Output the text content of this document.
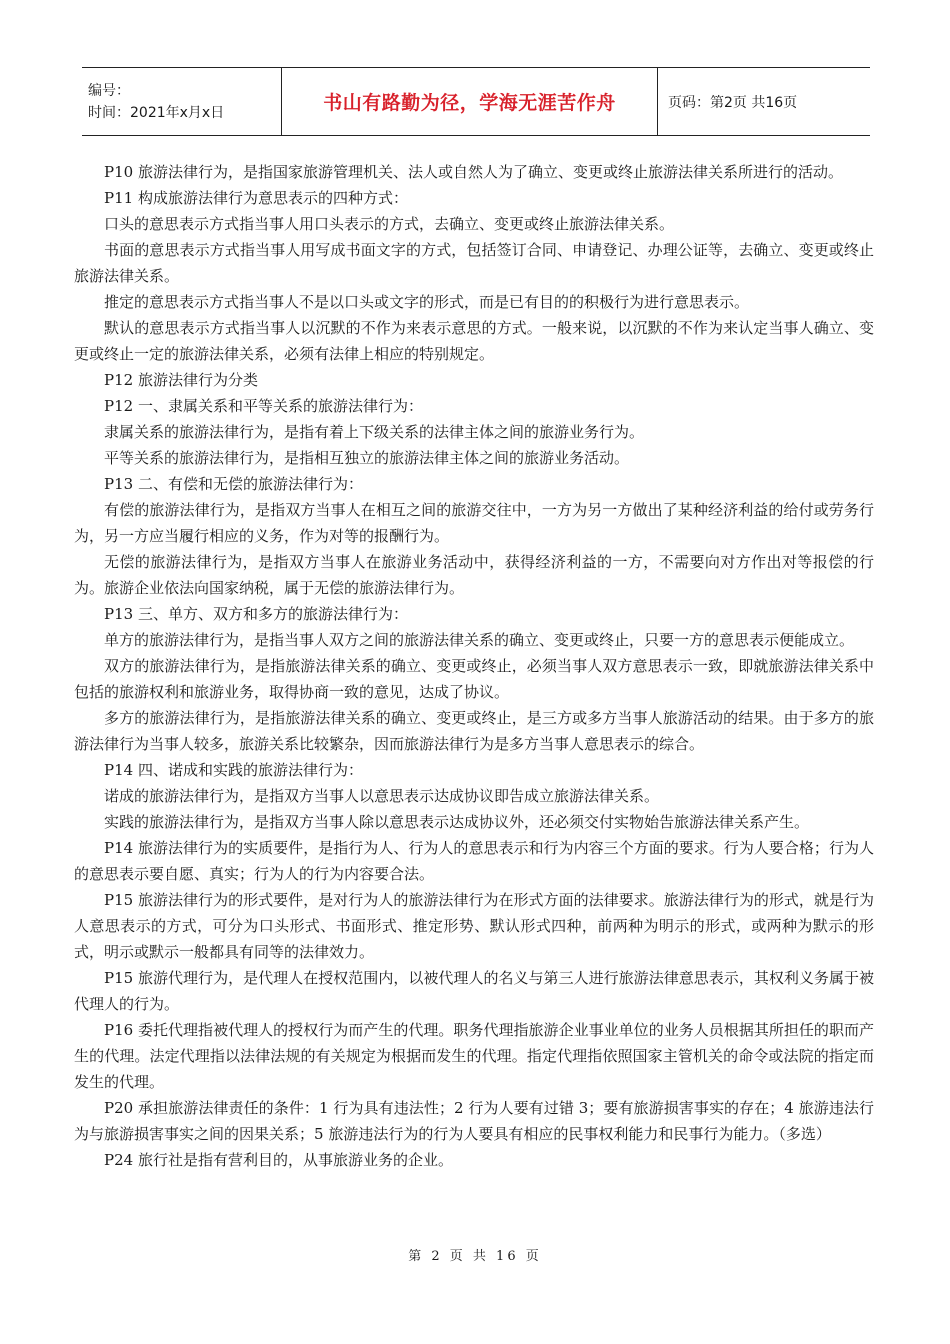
编号：
时间：2021年x月x日	书山有路勤为径，学海无涯苦作舟	页码：第2页 共16页

P10 旅游法律行为，是指国家旅游管理机关、法人或自然人为了确立、变更或终止旅游法律关系所进行的活动。

P11 构成旅游法律行为意思表示的四种方式：

口头的意思表示方式指当事人用口头表示的方式，去确立、变更或终止旅游法律关系。

书面的意思表示方式指当事人用写成书面文字的方式，包括签订合同、申请登记、办理公证等，去确立、变更或终止旅游法律关系。

推定的意思表示方式指当事人不是以口头或文字的形式，而是已有目的的积极行为进行意思表示。

默认的意思表示方式指当事人以沉默的不作为来表示意思的方式。一般来说，以沉默的不作为来认定当事人确立、变更或终止一定的旅游法律关系，必须有法律上相应的特别规定。

P12 旅游法律行为分类

P12 一、隶属关系和平等关系的旅游法律行为：

隶属关系的旅游法律行为，是指有着上下级关系的法律主体之间的旅游业务行为。

平等关系的旅游法律行为，是指相互独立的旅游法律主体之间的旅游业务活动。

P13 二、有偿和无偿的旅游法律行为：

有偿的旅游法律行为，是指双方当事人在相互之间的旅游交往中，一方为另一方做出了某种经济利益的给付或劳务行为，另一方应当履行相应的义务，作为对等的报酬行为。

无偿的旅游法律行为，是指双方当事人在旅游业务活动中，获得经济利益的一方，不需要向对方作出对等报偿的行为。旅游企业依法向国家纳税，属于无偿的旅游法律行为。

P13 三、单方、双方和多方的旅游法律行为：

单方的旅游法律行为，是指当事人双方之间的旅游法律关系的确立、变更或终止，只要一方的意思表示便能成立。

双方的旅游法律行为，是指旅游法律关系的确立、变更或终止，必须当事人双方意思表示一致，即就旅游法律关系中包括的旅游权利和旅游业务，取得协商一致的意见，达成了协议。

多方的旅游法律行为，是指旅游法律关系的确立、变更或终止，是三方或多方当事人旅游活动的结果。由于多方的旅游法律行为当事人较多，旅游关系比较繁杂，因而旅游法律行为是多方当事人意思表示的综合。

P14 四、诺成和实践的旅游法律行为：

诺成的旅游法律行为，是指双方当事人以意思表示达成协议即告成立旅游法律关系。

实践的旅游法律行为，是指双方当事人除以意思表示达成协议外，还必须交付实物始告旅游法律关系产生。

P14 旅游法律行为的实质要件，是指行为人、行为人的意思表示和行为内容三个方面的要求。行为人要合格；行为人的意思表示要自愿、真实；行为人的行为内容要合法。

P15 旅游法律行为的形式要件，是对行为人的旅游法律行为在形式方面的法律要求。旅游法律行为的形式，就是行为人意思表示的方式，可分为口头形式、书面形式、推定形势、默认形式四种，前两种为明示的形式，或两种为默示的形式，明示或默示一般都具有同等的法律效力。

P15 旅游代理行为，是代理人在授权范围内，以被代理人的名义与第三人进行旅游法律意思表示，其权利义务属于被代理人的行为。

P16 委托代理指被代理人的授权行为而产生的代理。职务代理指旅游企业事业单位的业务人员根据其所担任的职而产生的代理。法定代理指以法律法规的有关规定为根据而发生的代理。指定代理指依照国家主管机关的命令或法院的指定而发生的代理。

P20 承担旅游法律责任的条件：1 行为具有违法性；2 行为人要有过错 3；要有旅游损害事实的存在；4 旅游违法行为与旅游损害事实之间的因果关系；5 旅游违法行为的行为人要具有相应的民事权利能力和民事行为能力。（多选）

P24 旅行社是指有营利目的，从事旅游业务的企业。

第 2 页 共 16 页
